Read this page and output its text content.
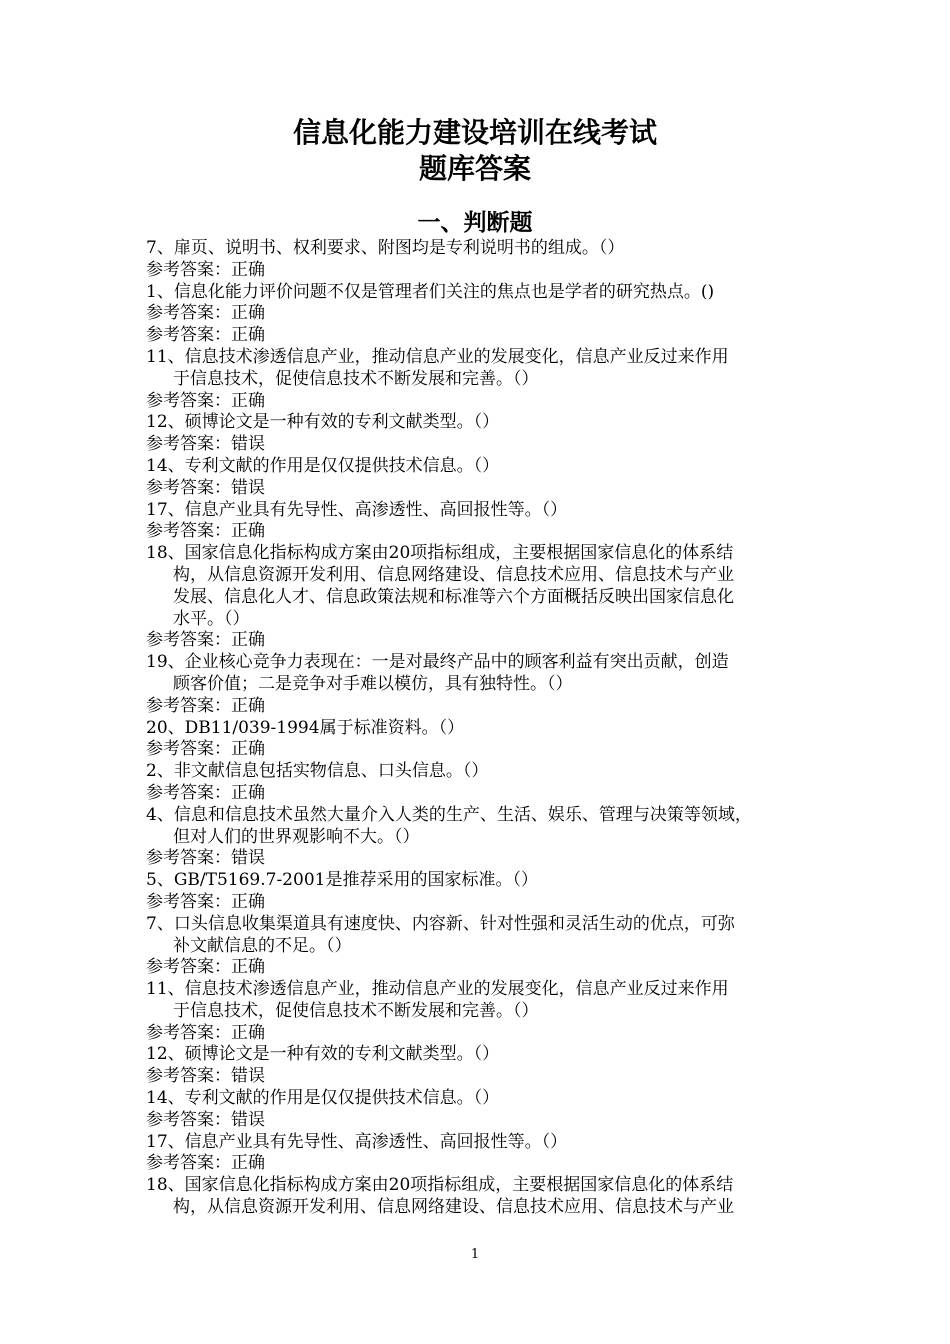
信息化能力建设培训在线考试
题库答案
一、判断题
7、扉页、说明书、权利要求、附图均是专利说明书的组成。（）
参考答案：正确
1、信息化能力评价问题不仅是管理者们关注的焦点也是学者的研究热点。()
参考答案：正确
参考答案：正确
11、信息技术渗透信息产业，推动信息产业的发展变化，信息产业反过来作用
于信息技术，促使信息技术不断发展和完善。（）
参考答案：正确
12、硕博论文是一种有效的专利文献类型。（）
参考答案：错误
14、专利文献的作用是仅仅提供技术信息。（）
参考答案：错误
17、信息产业具有先导性、高渗透性、高回报性等。（）
参考答案：正确
18、国家信息化指标构成方案由20项指标组成，主要根据国家信息化的体系结
构，从信息资源开发利用、信息网络建设、信息技术应用、信息技术与产业
发展、信息化人才、信息政策法规和标准等六个方面概括反映出国家信息化
水平。（）
参考答案：正确
19、企业核心竞争力表现在：一是对最终产品中的顾客利益有突出贡献，创造
顾客价值；二是竞争对手难以模仿，具有独特性。（）
参考答案：正确
20、DB11/039-1994属于标准资料。（）
参考答案：正确
2、非文献信息包括实物信息、口头信息。（）
参考答案：正确
4、信息和信息技术虽然大量介入人类的生产、生活、娱乐、管理与决策等领域，
但对人们的世界观影响不大。（）
参考答案：错误
5、GB/T5169.7-2001是推荐采用的国家标准。（）
参考答案：正确
7、口头信息收集渠道具有速度快、内容新、针对性强和灵活生动的优点，可弥
补文献信息的不足。（）
参考答案：正确
11、信息技术渗透信息产业，推动信息产业的发展变化，信息产业反过来作用
于信息技术，促使信息技术不断发展和完善。（）
参考答案：正确
12、硕博论文是一种有效的专利文献类型。（）
参考答案：错误
14、专利文献的作用是仅仅提供技术信息。（）
参考答案：错误
17、信息产业具有先导性、高渗透性、高回报性等。（）
参考答案：正确
18、国家信息化指标构成方案由20项指标组成，主要根据国家信息化的体系结
构，从信息资源开发利用、信息网络建设、信息技术应用、信息技术与产业
1
